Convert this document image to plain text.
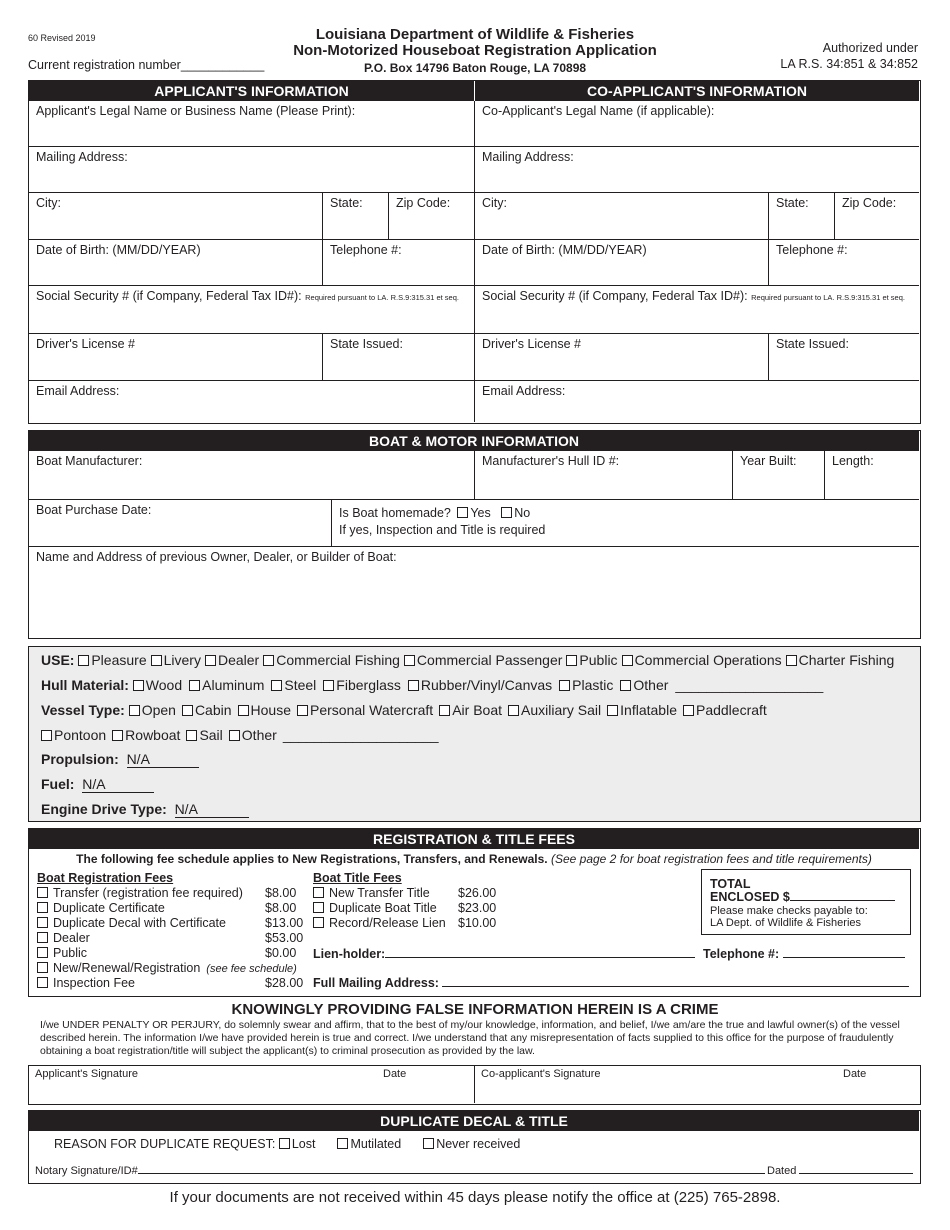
60 Revised 2019
Current registration number____________
Louisiana Department of Wildlife & Fisheries
Non-Motorized Houseboat Registration Application
P.O. Box 14796 Baton Rouge, LA 70898
Authorized under
LA R.S. 34:851 & 34:852
APPLICANT'S INFORMATION	CO-APPLICANT'S INFORMATION
Applicant's Legal Name or Business Name (Please Print):
Mailing Address:
City:	State:	Zip Code:
Date of Birth: (MM/DD/YEAR)	Telephone #:
Social Security # (if Company, Federal Tax ID#): Required pursuant to LA. R.S.9:315.31 et seq.
Driver's License #	State Issued:
Email Address:
Co-Applicant's Legal Name (if applicable):
Mailing Address:
City:	State:	Zip Code:
Date of Birth: (MM/DD/YEAR)	Telephone #:
Social Security # (if Company, Federal Tax ID#): Required pursuant to LA. R.S.9:315.31 et seq.
Driver's License #	State Issued:
Email Address:
BOAT & MOTOR INFORMATION
Boat Manufacturer:	Manufacturer's Hull ID #:	Year Built:	Length:
Boat Purchase Date:	Is Boat homemade? Yes No
If yes, Inspection and Title is required
Name and Address of previous Owner, Dealer, or Builder of Boat:
USE: Pleasure Livery Dealer Commercial Fishing Commercial Passenger Public Commercial Operations Charter Fishing
Hull Material: Wood Aluminum Steel Fiberglass Rubber/Vinyl/Canvas Plastic Other ___________________
Vessel Type: Open Cabin House Personal Watercraft Air Boat Auxiliary Sail Inflatable Paddlecraft
Pontoon Rowboat Sail Other ____________________
Propulsion: N/A
Fuel: N/A
Engine Drive Type: N/A
REGISTRATION & TITLE FEES
The following fee schedule applies to New Registrations, Transfers, and Renewals. (See page 2 for boat registration fees and title requirements)
Boat Registration Fees
Transfer (registration fee required) $8.00
Duplicate Certificate	$8.00
Duplicate Decal with Certificate	$13.00
Dealer	$53.00
Public	$0.00
New/Renewal/Registration (see fee schedule)
Inspection Fee	$28.00
Boat Title Fees
New Transfer Title $26.00
Duplicate Boat Title $23.00
Record/Release Lien $10.00
TOTAL
ENCLOSED $
Please make checks payable to:
LA Dept. of Wildlife & Fisheries
Lien-holder:	Telephone #:
Full Mailing Address:
KNOWINGLY PROVIDING FALSE INFORMATION HEREIN IS A CRIME
I/we UNDER PENALTY OR PERJURY, do solemnly swear and affirm, that to the best of my/our knowledge, information, and belief, I/we am/are the true and lawful owner(s) of the vessel described herein. The information I/we have provided herein is true and correct. I/we understand that any misrepresentation of facts supplied to this office for the purpose of fraudulently obtaining a boat registration/title will subject the applicant(s) to criminal prosecution as provided by the law.
Applicant's Signature	Date	Co-applicant's Signature	Date
DUPLICATE DECAL & TITLE
REASON FOR DUPLICATE REQUEST: Lost	Mutilated	Never received
Notary Signature/ID#	Dated
If your documents are not received within 45 days please notify the office at (225) 765-2898.
